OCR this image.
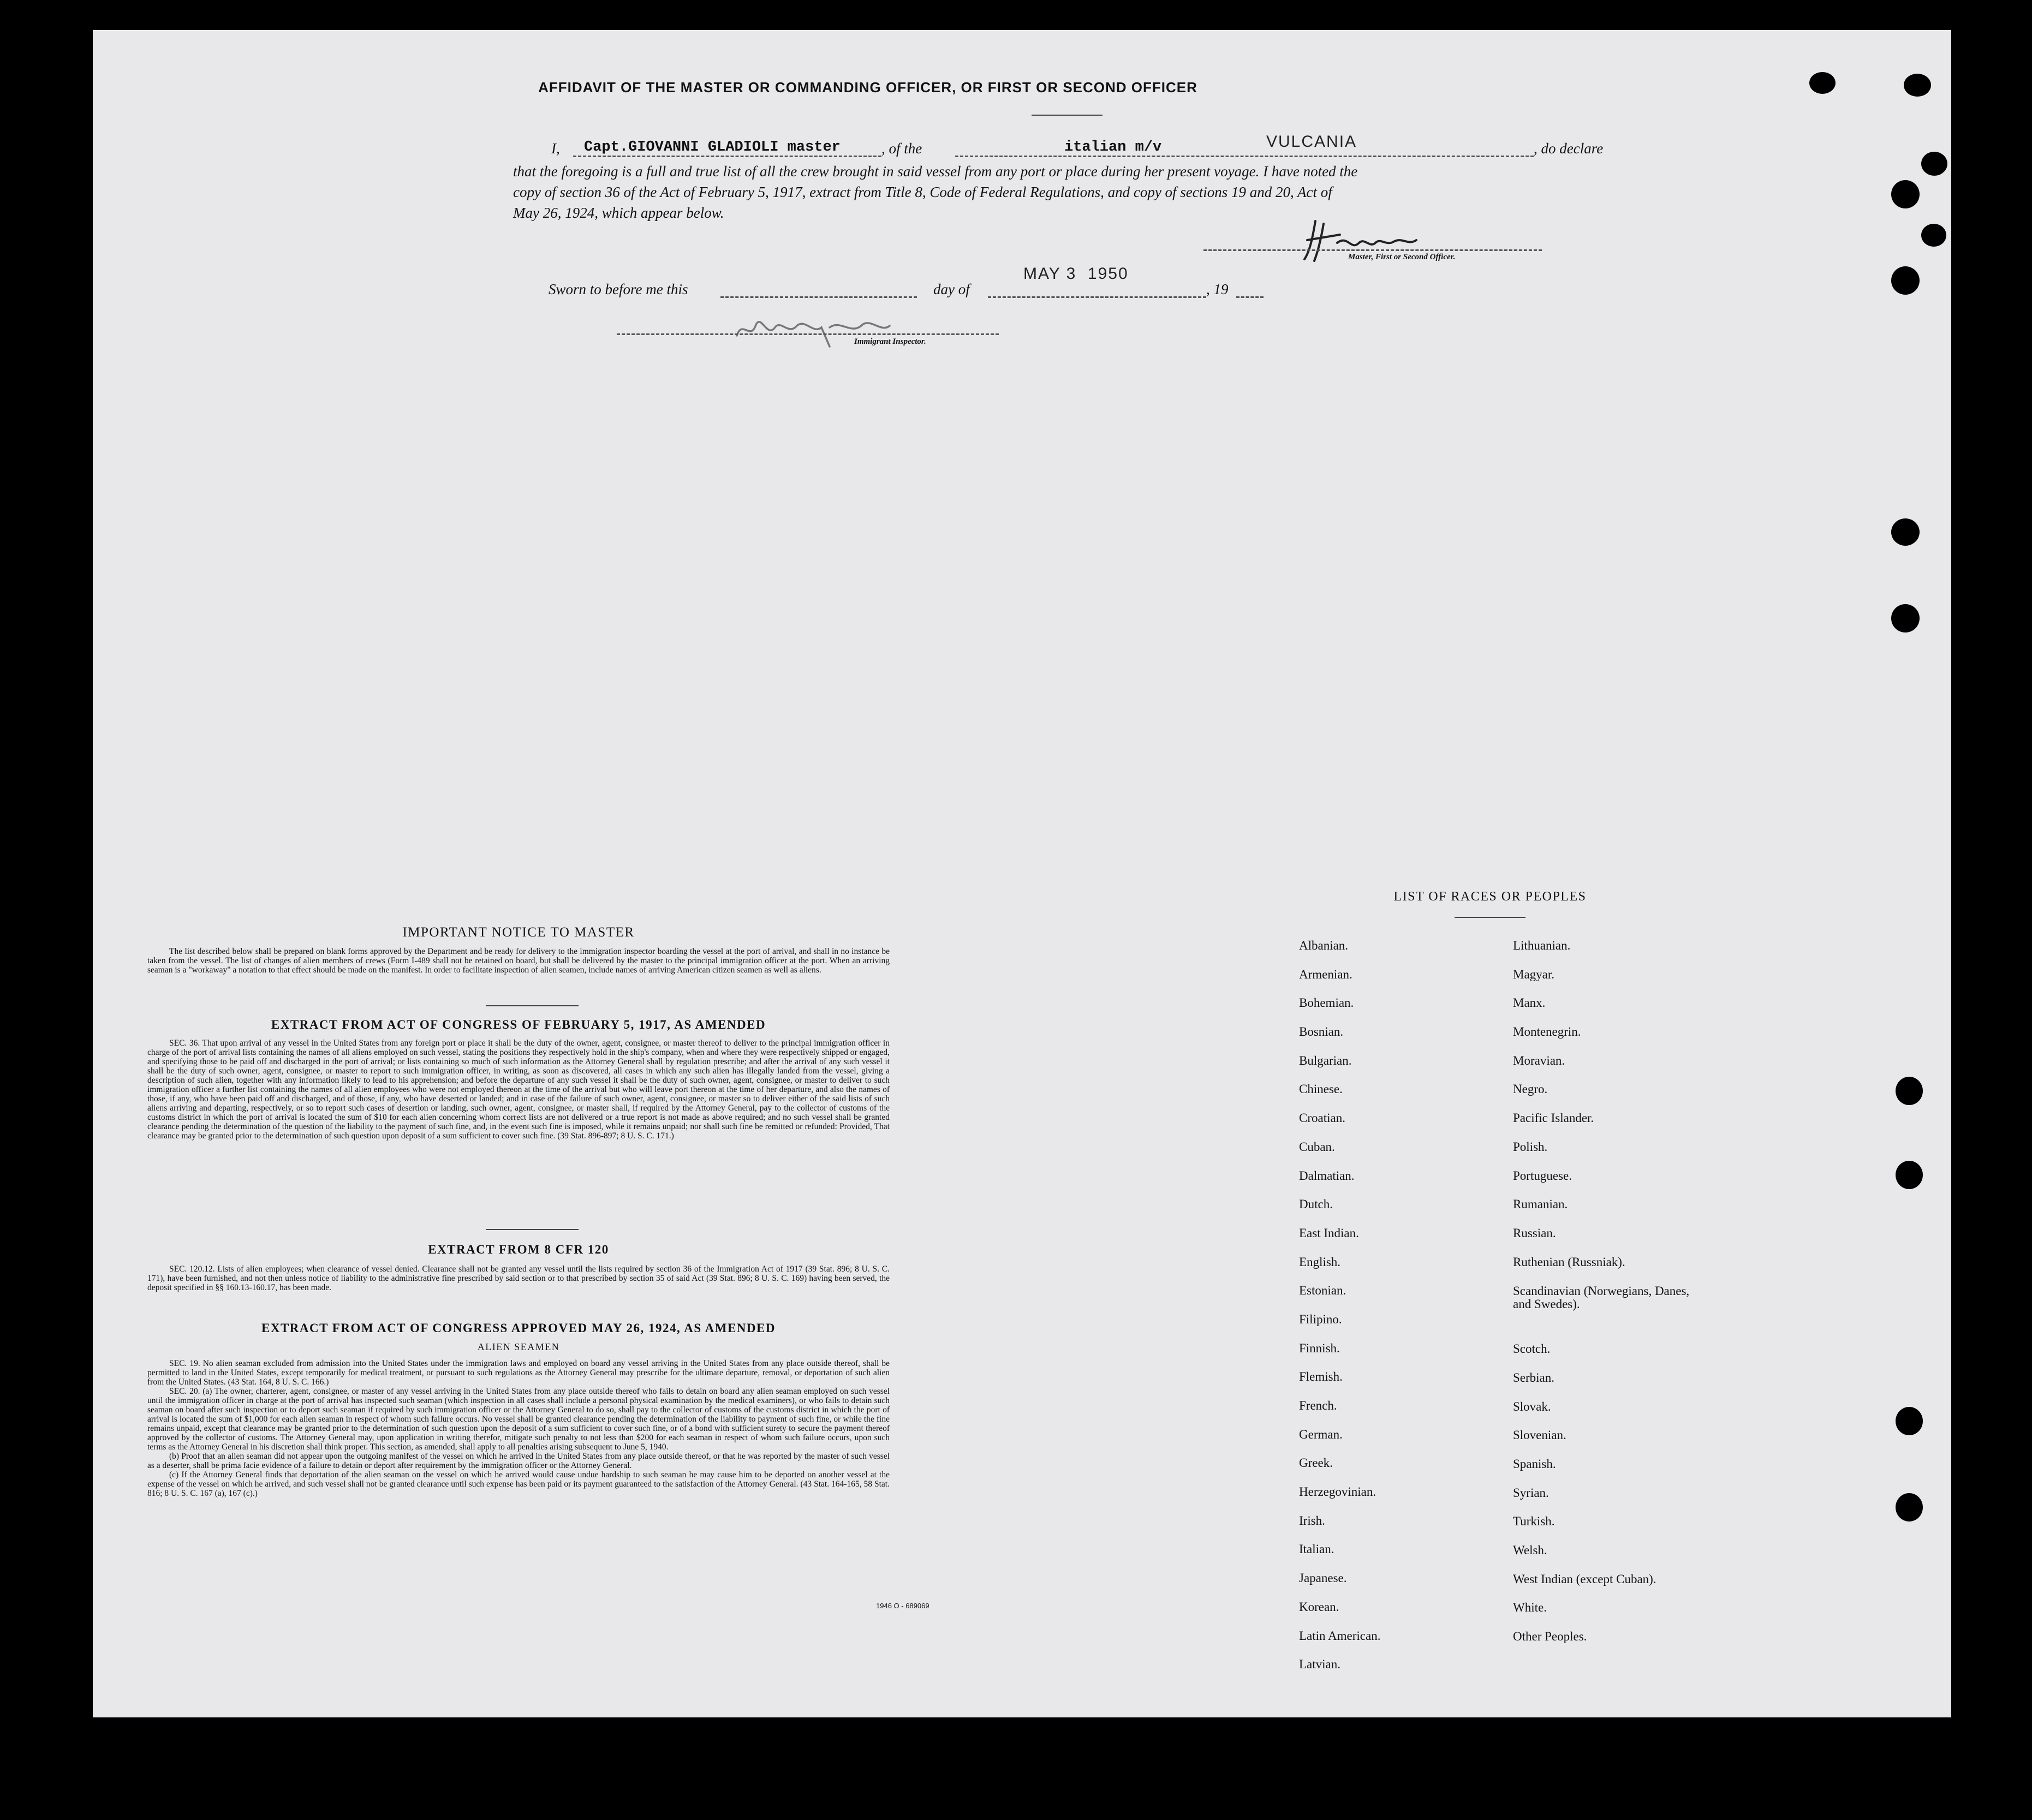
AFFIDAVIT OF THE MASTER OR COMMANDING OFFICER, OR FIRST OR SECOND OFFICER
I, Capt.GIOVANNI GLADIOLI master	, of the	italian m/v	VULCANIA	, do declare
that the foregoing is a full and true list of all the crew brought in said vessel from any port or place during her present voyage. I have noted the
copy of section 36 of the Act of February 5, 1917, extract from Title 8, Code of Federal Regulations, and copy of sections 19 and 20, Act of
May 26, 1924, which appear below.
Master, First or Second Officer.
Sworn to before me this	day of
MAY 3  1950
, 19
Immigrant Inspector.
IMPORTANT NOTICE TO MASTER
The list described below shall be prepared on blank forms approved by the Department and be ready for delivery to the immigration inspector boarding the vessel at the port of arrival, and shall in no instance be taken from the vessel. The list of changes of alien members of crews (Form I-489 shall not be retained on board, but shall be delivered by the master to the principal immigration officer at the port. When an arriving seaman is a "workaway" a notation to that effect should be made on the manifest. In order to facilitate inspection of alien seamen, include names of arriving American citizen seamen as well as aliens.
EXTRACT FROM ACT OF CONGRESS OF FEBRUARY 5, 1917, AS AMENDED
SEC. 36. That upon arrival of any vessel in the United States from any foreign port or place it shall be the duty of the owner, agent, consignee, or master thereof to deliver to the principal immigration officer in charge of the port of arrival lists containing the names of all aliens employed on such vessel, stating the positions they respectively hold in the ship's company, when and where they were respectively shipped or engaged, and specifying those to be paid off and discharged in the port of arrival; or lists containing so much of such information as the Attorney General shall by regulation prescribe; and after the arrival of any such vessel it shall be the duty of such owner, agent, consignee, or master to report to such immigration officer, in writing, as soon as discovered, all cases in which any such alien has illegally landed from the vessel, giving a description of such alien, together with any information likely to lead to his apprehension; and before the departure of any such vessel it shall be the duty of such owner, agent, consignee, or master to deliver to such immigration officer a further list containing the names of all alien employees who were not employed thereon at the time of the arrival but who will leave port thereon at the time of her departure, and also the names of those, if any, who have been paid off and discharged, and of those, if any, who have deserted or landed; and in case of the failure of such owner, agent, consignee, or master so to deliver either of the said lists of such aliens arriving and departing, respectively, or so to report such cases of desertion or landing, such owner, agent, consignee, or master shall, if required by the Attorney General, pay to the collector of customs of the customs district in which the port of arrival is located the sum of $10 for each alien concerning whom correct lists are not delivered or a true report is not made as above required; and no such vessel shall be granted clearance pending the determination of the question of the liability to the payment of such fine, and, in the event such fine is imposed, while it remains unpaid; nor shall such fine be remitted or refunded: Provided, That clearance may be granted prior to the determination of such question upon deposit of a sum sufficient to cover such fine. (39 Stat. 896-897; 8 U. S. C. 171.)
EXTRACT FROM 8 CFR 120
SEC. 120.12. Lists of alien employees; when clearance of vessel denied. Clearance shall not be granted any vessel until the lists required by section 36 of the Immigration Act of 1917 (39 Stat. 896; 8 U. S. C. 171), have been furnished, and not then unless notice of liability to the administrative fine prescribed by said section or to that prescribed by section 35 of said Act (39 Stat. 896; 8 U. S. C. 169) having been served, the deposit specified in §§ 160.13-160.17, has been made.
EXTRACT FROM ACT OF CONGRESS APPROVED MAY 26, 1924, AS AMENDED
ALIEN SEAMEN
SEC. 19. No alien seaman excluded from admission into the United States under the immigration laws and employed on board any vessel arriving in the United States from any place outside thereof, shall be permitted to land in the United States, except temporarily for medical treatment, or pursuant to such regulations as the Attorney General may prescribe for the ultimate departure, removal, or deportation of such alien from the United States. (43 Stat. 164, 8 U. S. C. 166.)
SEC. 20. (a) The owner, charterer, agent, consignee, or master of any vessel arriving in the United States from any place outside thereof who fails to detain on board any alien seaman employed on such vessel until the immigration officer in charge at the port of arrival has inspected such seaman (which inspection in all cases shall include a personal physical examination by the medical examiners), or who fails to detain such seaman on board after such inspection or to deport such seaman if required by such immigration officer or the Attorney General to do so, shall pay to the collector of customs of the customs district in which the port of arrival is located the sum of $1,000 for each alien seaman in respect of whom such failure occurs. No vessel shall be granted clearance pending the determination of the liability to payment of such fine, or while the fine remains unpaid, except that clearance may be granted prior to the determination of such question upon the deposit of a sum sufficient to cover such fine, or of a bond with sufficient surety to secure the payment thereof approved by the collector of customs. The Attorney General may, upon application in writing therefor, mitigate such penalty to not less than $200 for each seaman in respect of whom such failure occurs, upon such terms as the Attorney General in his discretion shall think proper. This section, as amended, shall apply to all penalties arising subsequent to June 5, 1940.
(b) Proof that an alien seaman did not appear upon the outgoing manifest of the vessel on which he arrived in the United States from any place outside thereof, or that he was reported by the master of such vessel as a deserter, shall be prima facie evidence of a failure to detain or deport after requirement by the immigration officer or the Attorney General.
(c) If the Attorney General finds that deportation of the alien seaman on the vessel on which he arrived would cause undue hardship to such seaman he may cause him to be deported on another vessel at the expense of the vessel on which he arrived, and such vessel shall not be granted clearance until such expense has been paid or its payment guaranteed to the satisfaction of the Attorney General. (43 Stat. 164-165, 58 Stat. 816; 8 U. S. C. 167 (a), 167 (c).)
1946 O - 689069
LIST OF RACES OR PEOPLES
Albanian.
Armenian.
Bohemian.
Bosnian.
Bulgarian.
Chinese.
Croatian.
Cuban.
Dalmatian.
Dutch.
East Indian.
English.
Estonian.
Filipino.
Finnish.
Flemish.
French.
German.
Greek.
Herzegovinian.
Irish.
Italian.
Japanese.
Korean.
Latin American.
Latvian.
Lithuanian.
Magyar.
Manx.
Montenegrin.
Moravian.
Negro.
Pacific Islander.
Polish.
Portuguese.
Rumanian.
Russian.
Ruthenian (Russniak).
Scandinavian (Norwegians, Danes, and Swedes).
Scotch.
Serbian.
Slovak.
Slovenian.
Spanish.
Syrian.
Turkish.
Welsh.
West Indian (except Cuban).
White.
Other Peoples.
